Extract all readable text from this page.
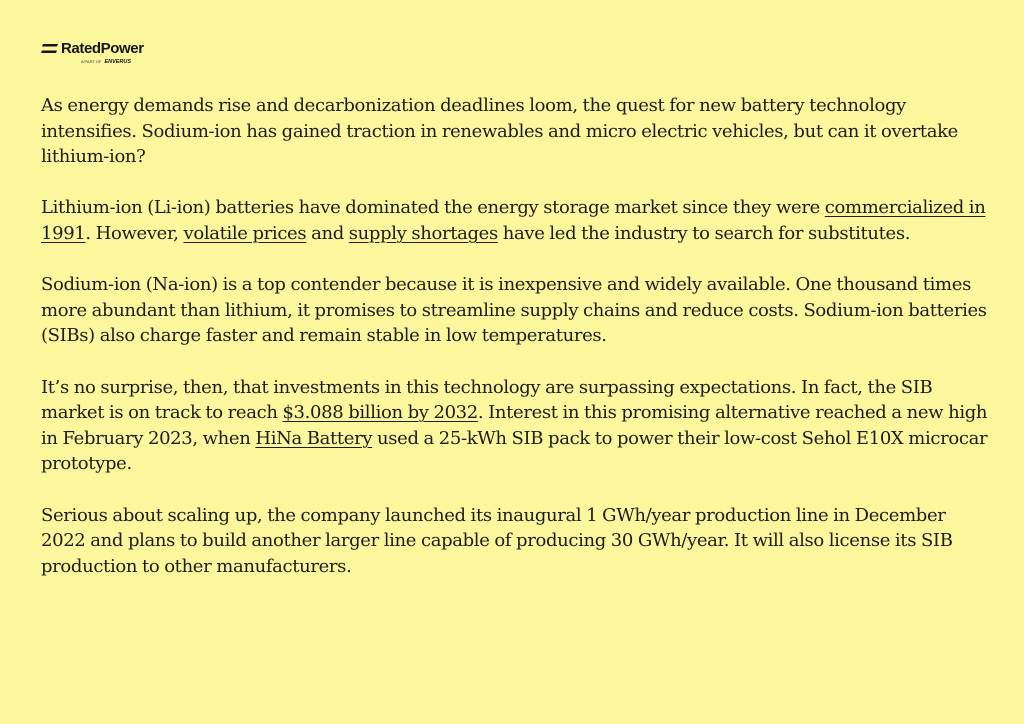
RatedPower
A PART OF ENVERUS

As energy demands rise and decarbonization deadlines loom, the quest for new battery technology intensifies. Sodium-ion has gained traction in renewables and micro electric vehicles, but can it overtake lithium-ion?

Lithium-ion (Li-ion) batteries have dominated the energy storage market since they were commercialized in 1991. However, volatile prices and supply shortages have led the industry to search for substitutes.

Sodium-ion (Na-ion) is a top contender because it is inexpensive and widely available. One thousand times more abundant than lithium, it promises to streamline supply chains and reduce costs. Sodium-ion batteries (SIBs) also charge faster and remain stable in low temperatures.

It’s no surprise, then, that investments in this technology are surpassing expectations. In fact, the SIB market is on track to reach $3.088 billion by 2032. Interest in this promising alternative reached a new high in February 2023, when HiNa Battery used a 25-kWh SIB pack to power their low-cost Sehol E10X microcar prototype.

Serious about scaling up, the company launched its inaugural 1 GWh/year production line in December 2022 and plans to build another larger line capable of producing 30 GWh/year. It will also license its SIB production to other manufacturers.
